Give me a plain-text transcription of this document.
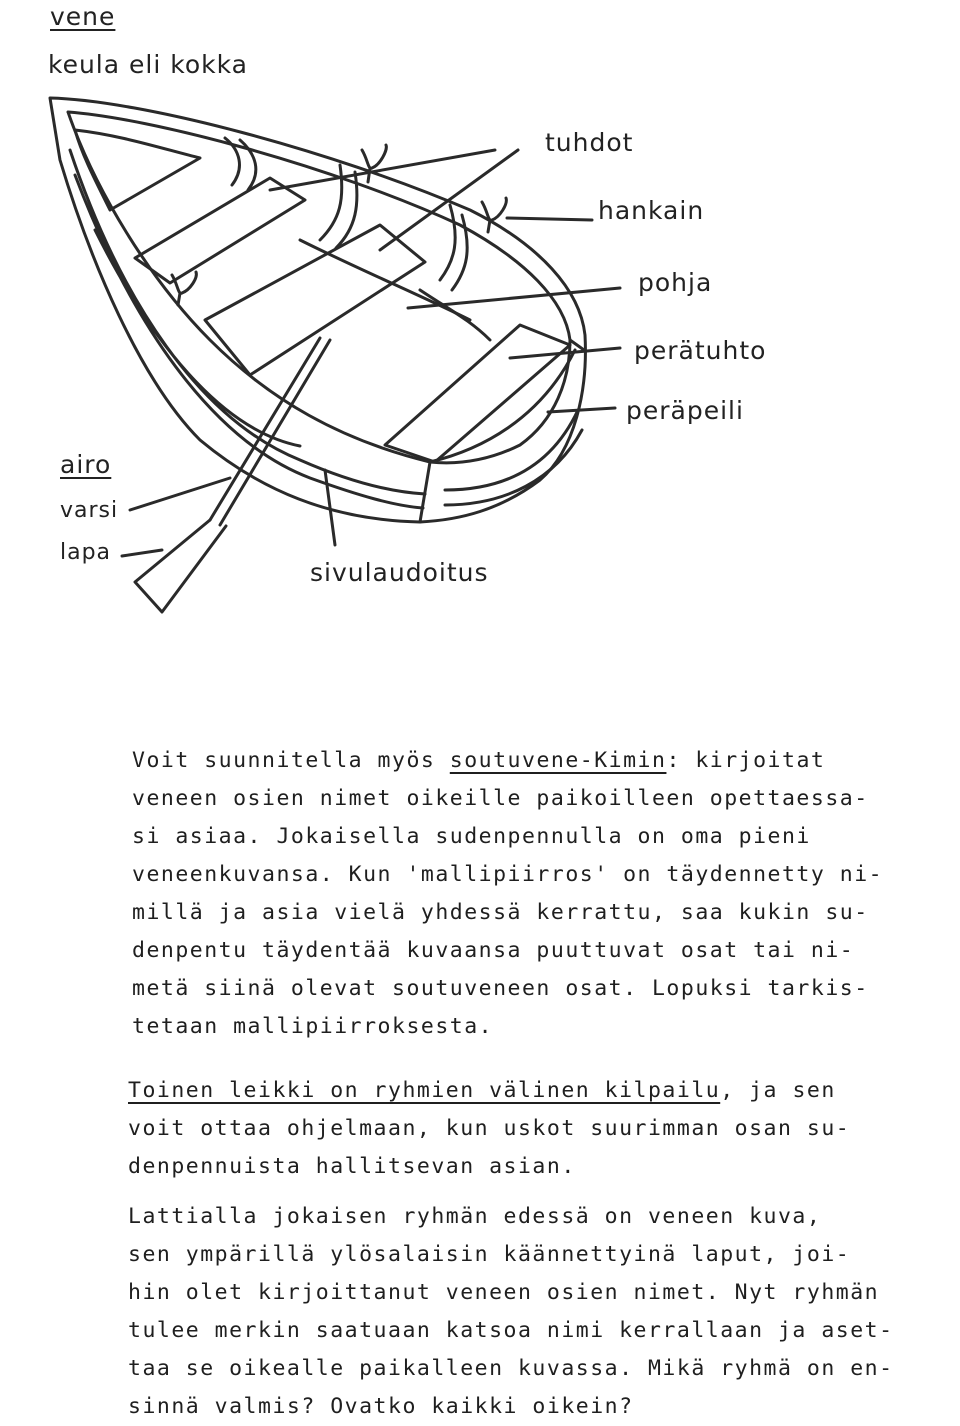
vene
keula eli kokka
tuhdot
hankain
pohja
perätuhto
peräpeili
airo
varsi
lapa
sivulaudoitus
Voit suunnitella myös soutuvene-Kimin: kirjoitat
veneen osien nimet oikeille paikoilleen opettaessa-
si asiaa. Jokaisella sudenpennulla on oma pieni
veneenkuvansa. Kun 'mallipiirros' on täydennetty ni-
millä ja asia vielä yhdessä kerrattu, saa kukin su-
denpentu täydentää kuvaansa puuttuvat osat tai ni-
metä siinä olevat soutuveneen osat. Lopuksi tarkis-
tetaan mallipiirroksesta.
Toinen leikki on ryhmien välinen kilpailu, ja sen
voit ottaa ohjelmaan, kun uskot suurimman osan su-
denpennuista hallitsevan asian.
Lattialla jokaisen ryhmän edessä on veneen kuva,
sen ympärillä ylösalaisin käännettyinä laput, joi-
hin olet kirjoittanut veneen osien nimet. Nyt ryhmän
tulee merkin saatuaan katsoa nimi kerrallaan ja aset-
taa se oikealle paikalleen kuvassa. Mikä ryhmä on en-
sinnä valmis? Ovatko kaikki oikein?
